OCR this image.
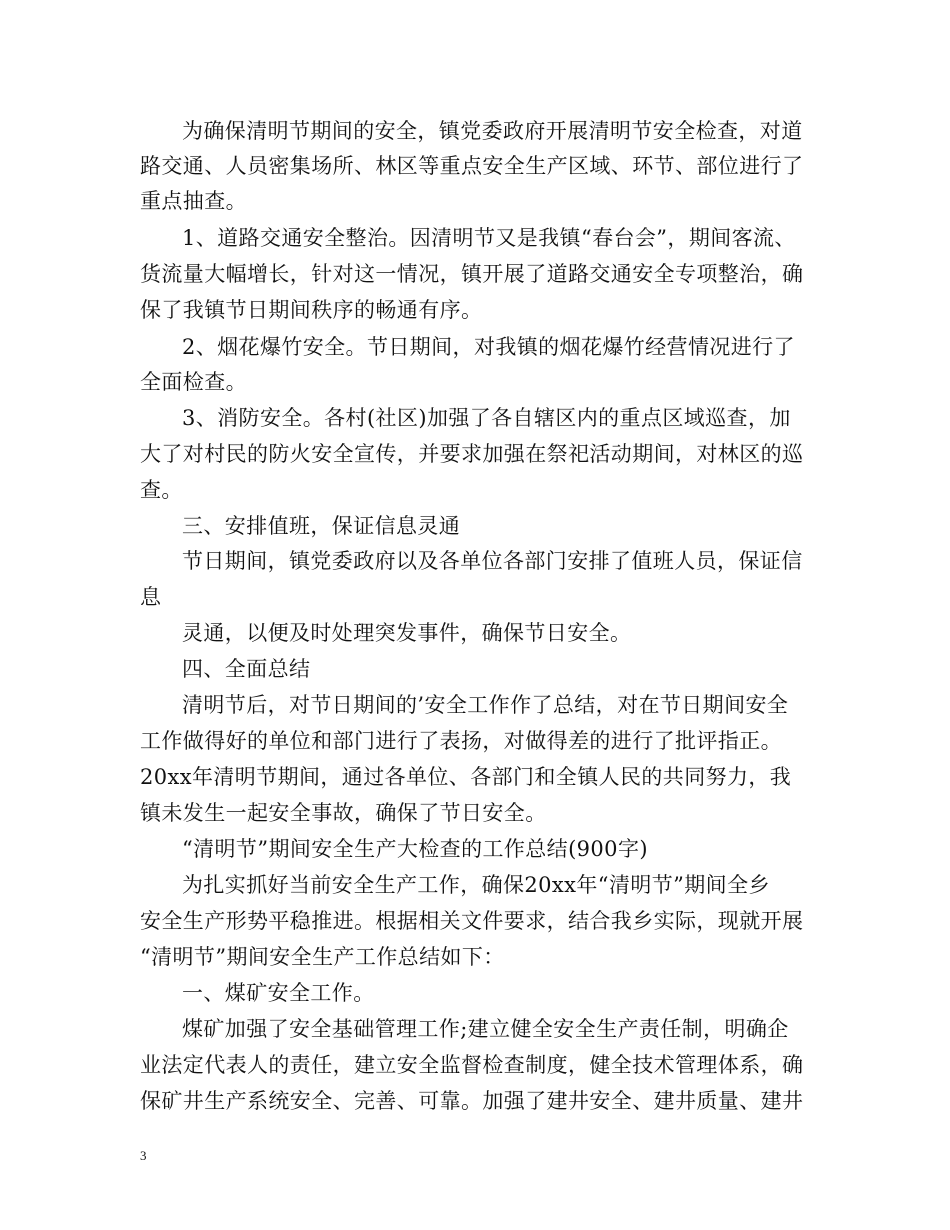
为确保清明节期间的安全，镇党委政府开展清明节安全检查，对道
路交通、人员密集场所、林区等重点安全生产区域、环节、部位进行了
重点抽查。
1、道路交通安全整治。因清明节又是我镇“春台会”，期间客流、
货流量大幅增长，针对这一情况，镇开展了道路交通安全专项整治，确
保了我镇节日期间秩序的畅通有序。
2、烟花爆竹安全。节日期间，对我镇的烟花爆竹经营情况进行了
全面检查。
3、消防安全。各村(社区)加强了各自辖区内的重点区域巡查，加
大了对村民的防火安全宣传，并要求加强在祭祀活动期间，对林区的巡
查。
三、安排值班，保证信息灵通
节日期间，镇党委政府以及各单位各部门安排了值班人员，保证信
息
灵通，以便及时处理突发事件，确保节日安全。
四、全面总结
清明节后，对节日期间的’安全工作作了总结，对在节日期间安全
工作做得好的单位和部门进行了表扬，对做得差的进行了批评指正。
20xx年清明节期间，通过各单位、各部门和全镇人民的共同努力，我
镇未发生一起安全事故，确保了节日安全。
“清明节”期间安全生产大检查的工作总结(900字)
为扎实抓好当前安全生产工作，确保20xx年“清明节”期间全乡
安全生产形势平稳推进。根据相关文件要求，结合我乡实际，现就开展
“清明节”期间安全生产工作总结如下：
一、煤矿安全工作。
煤矿加强了安全基础管理工作;建立健全安全生产责任制，明确企
业法定代表人的责任，建立安全监督检查制度，健全技术管理体系，确
保矿井生产系统安全、完善、可靠。加强了建井安全、建井质量、建井
3
